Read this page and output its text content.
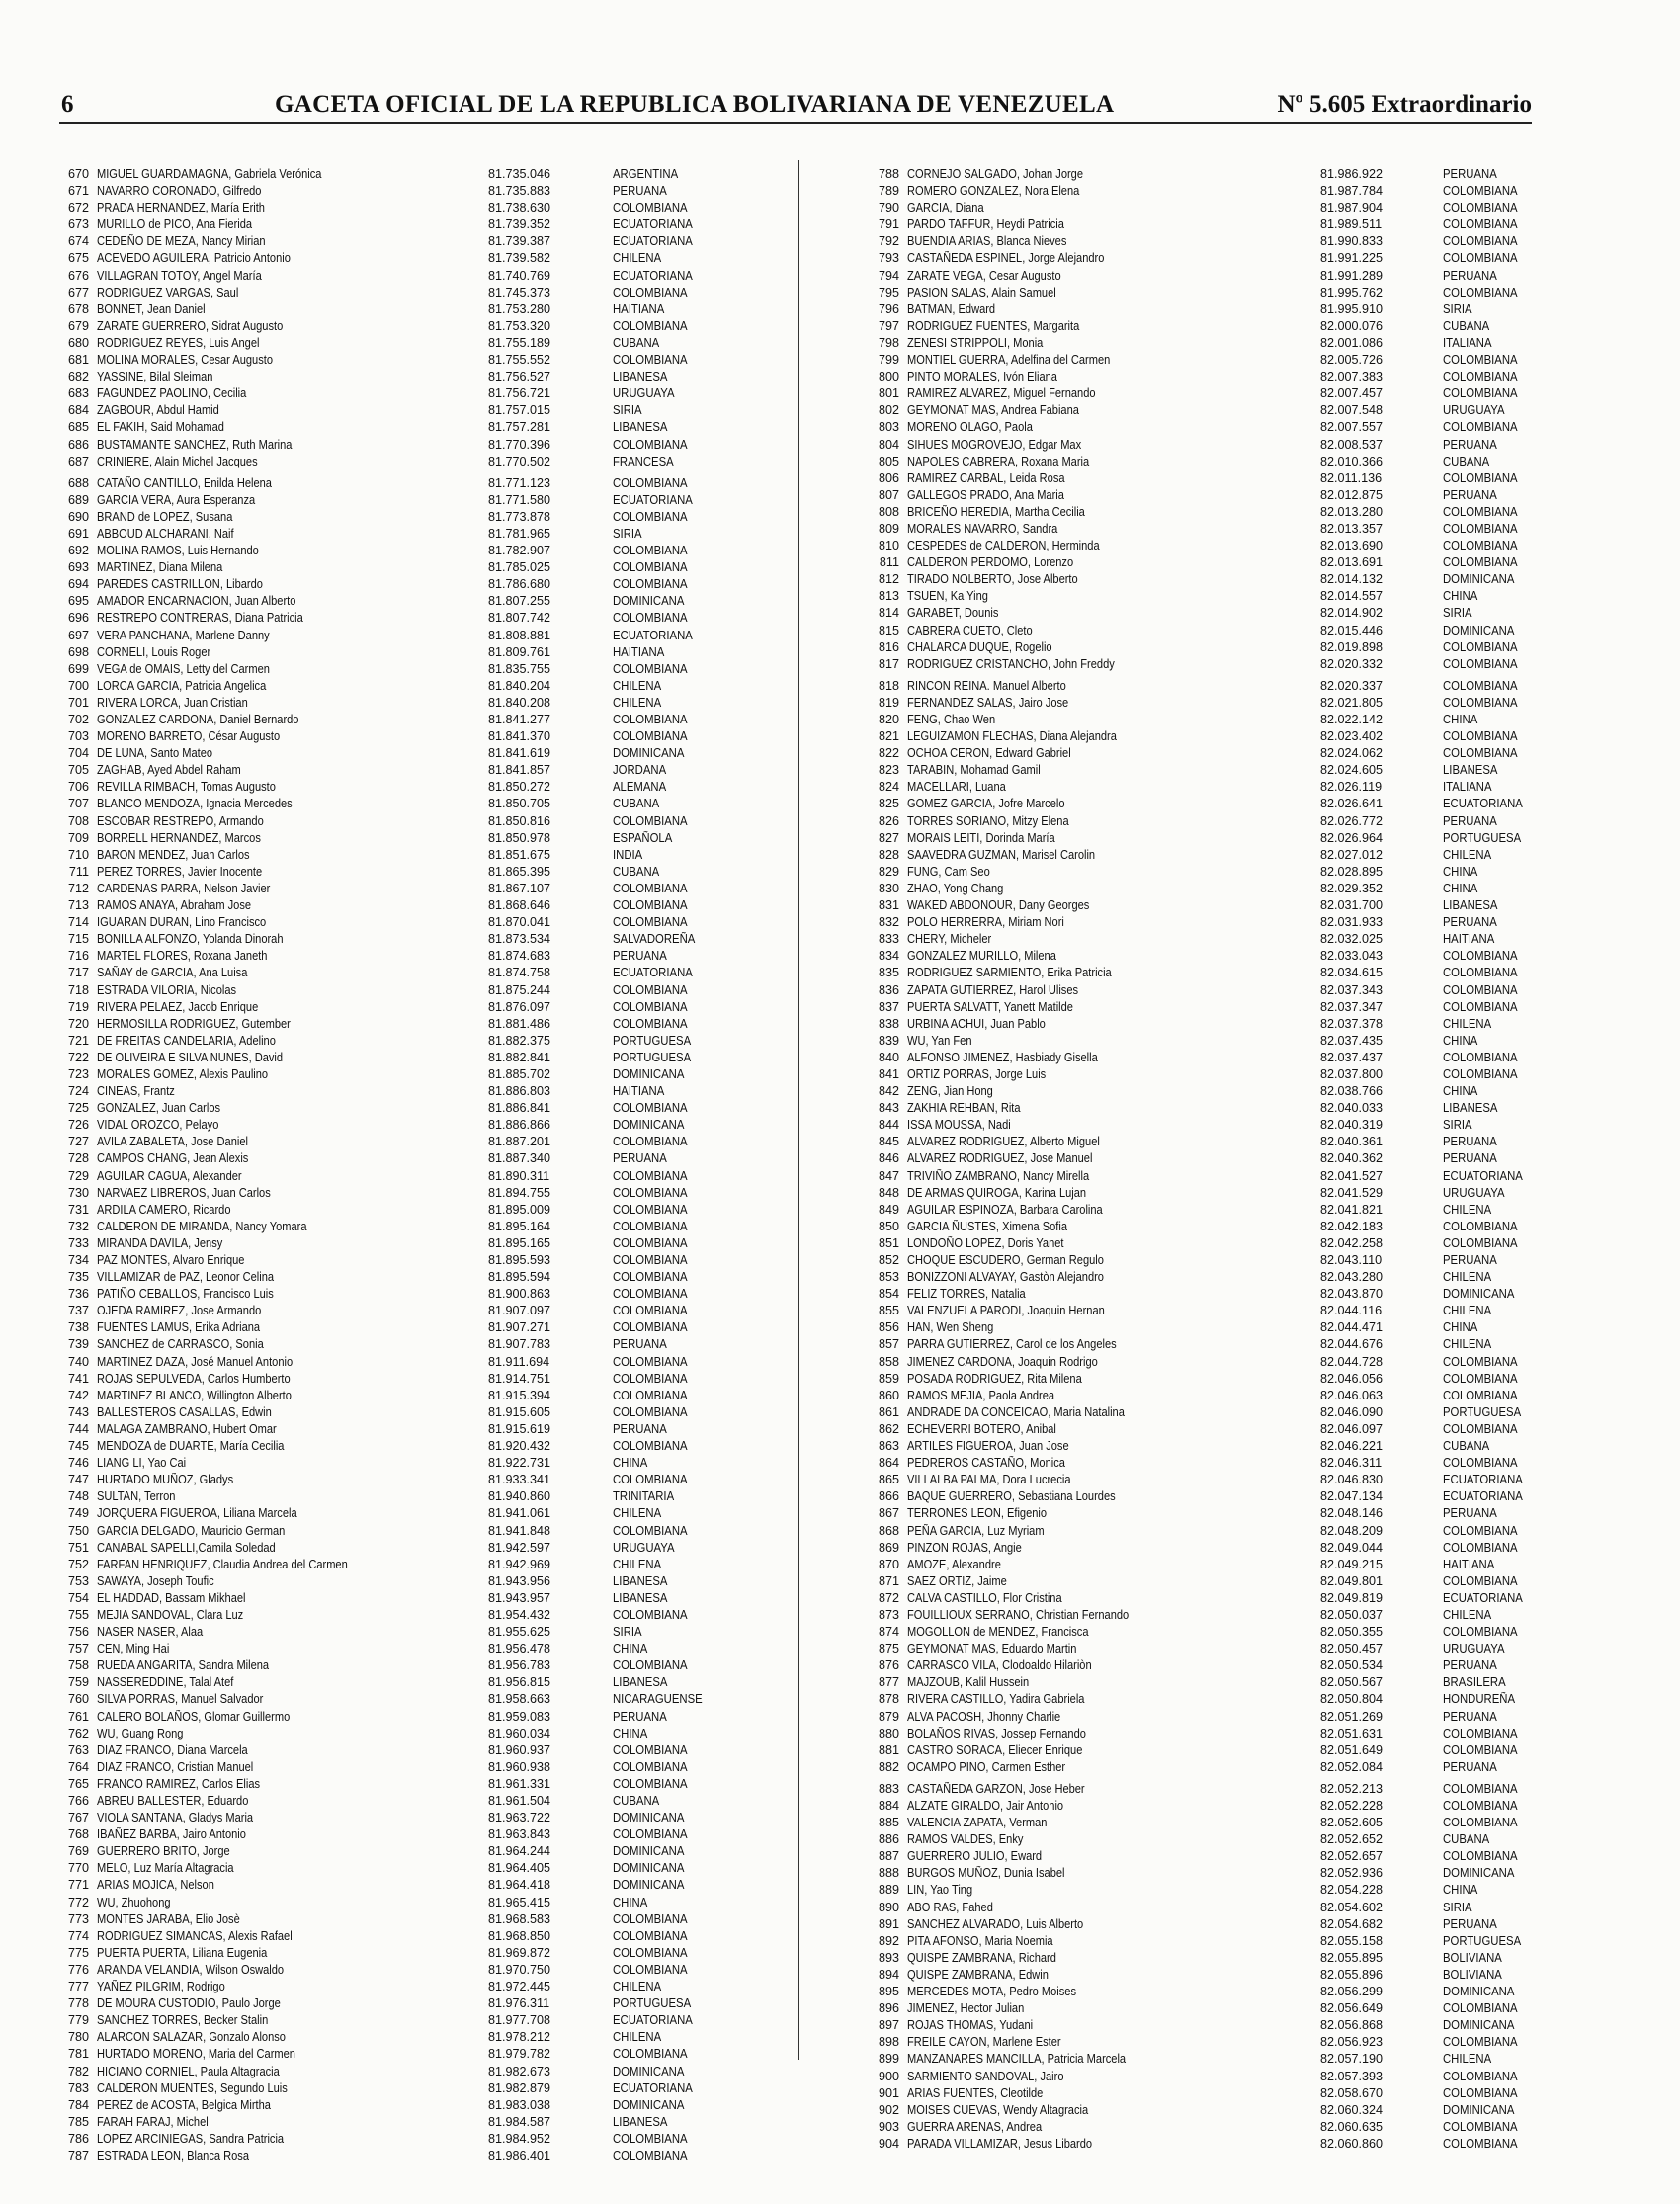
6	GACETA OFICIAL DE LA REPUBLICA BOLIVARIANA DE VENEZUELA	Nº 5.605 Extraordinario
670 MIGUEL GUARDAMAGNA, Gabriela Verónica	81.735.046	ARGENTINA
671 NAVARRO CORONADO, Gilfredo	81.735.883	PERUANA
672 PRADA HERNANDEZ, María Erith	81.738.630	COLOMBIANA
673 MURILLO de PICO, Ana Fierida	81.739.352	ECUATORIANA
674 CEDEÑO DE MEZA, Nancy Mirian	81.739.387	ECUATORIANA
675 ACEVEDO AGUILERA, Patricio Antonio	81.739.582	CHILENA
676 VILLAGRAN TOTOY, Angel María	81.740.769	ECUATORIANA
677 RODRIGUEZ VARGAS, Saul	81.745.373	COLOMBIANA
678 BONNET, Jean Daniel	81.753.280	HAITIANA
679 ZARATE GUERRERO, Sidrat Augusto	81.753.320	COLOMBIANA
680 RODRIGUEZ REYES, Luis Angel	81.755.189	CUBANA
681 MOLINA MORALES, Cesar Augusto	81.755.552	COLOMBIANA
682 YASSINE, Bilal Sleiman	81.756.527	LIBANESA
683 FAGUNDEZ PAOLINO, Cecilia	81.756.721	URUGUAYA
684 ZAGBOUR, Abdul Hamid	81.757.015	SIRIA
685 EL FAKIH, Said Mohamad	81.757.281	LIBANESA
686 BUSTAMANTE SANCHEZ, Ruth Marina	81.770.396	COLOMBIANA
687 CRINIERE, Alain Michel Jacques	81.770.502	FRANCESA
688 CATAÑO CANTILLO, Enilda Helena	81.771.123	COLOMBIANA
689 GARCIA VERA, Aura Esperanza	81.771.580	ECUATORIANA
690 BRAND de LOPEZ, Susana	81.773.878	COLOMBIANA
691 ABBOUD ALCHARANI, Naif	81.781.965	SIRIA
692 MOLINA RAMOS, Luis Hernando	81.782.907	COLOMBIANA
693 MARTINEZ, Diana Milena	81.785.025	COLOMBIANA
694 PAREDES CASTRILLON, Libardo	81.786.680	COLOMBIANA
695 AMADOR ENCARNACION, Juan Alberto	81.807.255	DOMINICANA
696 RESTREPO CONTRERAS, Diana Patricia	81.807.742	COLOMBIANA
697 VERA PANCHANA, Marlene Danny	81.808.881	ECUATORIANA
698 CORNELI, Louis Roger	81.809.761	HAITIANA
699 VEGA de OMAIS, Letty del Carmen	81.835.755	COLOMBIANA
700 LORCA GARCIA, Patricia Angelica	81.840.204	CHILENA
701 RIVERA LORCA, Juan Cristian	81.840.208	CHILENA
702 GONZALEZ CARDONA, Daniel Bernardo	81.841.277	COLOMBIANA
703 MORENO BARRETO, César Augusto	81.841.370	COLOMBIANA
704 DE LUNA, Santo Mateo	81.841.619	DOMINICANA
705 ZAGHAB, Ayed Abdel Raham	81.841.857	JORDANA
706 REVILLA RIMBACH, Tomas Augusto	81.850.272	ALEMANA
707 BLANCO MENDOZA, Ignacia Mercedes	81.850.705	CUBANA
708 ESCOBAR RESTREPO, Armando	81.850.816	COLOMBIANA
709 BORRELL HERNANDEZ, Marcos	81.850.978	ESPAÑOLA
710 BARON MENDEZ, Juan Carlos	81.851.675	INDIA
711 PEREZ TORRES, Javier Inocente	81.865.395	CUBANA
712 CARDENAS PARRA, Nelson Javier	81.867.107	COLOMBIANA
713 RAMOS ANAYA, Abraham Jose	81.868.646	COLOMBIANA
714 IGUARAN DURAN, Lino Francisco	81.870.041	COLOMBIANA
715 BONILLA ALFONZO, Yolanda Dinorah	81.873.534	SALVADOREÑA
716 MARTEL FLORES, Roxana Janeth	81.874.683	PERUANA
717 SAÑAY de GARCIA, Ana Luisa	81.874.758	ECUATORIANA
718 ESTRADA VILORIA, Nicolas	81.875.244	COLOMBIANA
719 RIVERA PELAEZ, Jacob Enrique	81.876.097	COLOMBIANA
720 HERMOSILLA RODRIGUEZ, Gutember	81.881.486	COLOMBIANA
721 DE FREITAS CANDELARIA, Adelino	81.882.375	PORTUGUESA
722 DE OLIVEIRA E SILVA NUNES, David	81.882.841	PORTUGUESA
723 MORALES GOMEZ, Alexis Paulino	81.885.702	DOMINICANA
724 CINEAS, Frantz	81.886.803	HAITIANA
725 GONZALEZ, Juan Carlos	81.886.841	COLOMBIANA
726 VIDAL OROZCO, Pelayo	81.886.866	DOMINICANA
727 AVILA ZABALETA, Jose Daniel	81.887.201	COLOMBIANA
728 CAMPOS CHANG, Jean Alexis	81.887.340	PERUANA
729 AGUILAR CAGUA, Alexander	81.890.311	COLOMBIANA
730 NARVAEZ LIBREROS, Juan Carlos	81.894.755	COLOMBIANA
731 ARDILA CAMERO, Ricardo	81.895.009	COLOMBIANA
732 CALDERON DE MIRANDA, Nancy Yomara	81.895.164	COLOMBIANA
733 MIRANDA DAVILA, Jensy	81.895.165	COLOMBIANA
734 PAZ MONTES, Alvaro Enrique	81.895.593	COLOMBIANA
735 VILLAMIZAR de PAZ, Leonor Celina	81.895.594	COLOMBIANA
736 PATIÑO CEBALLOS, Francisco Luis	81.900.863	COLOMBIANA
737 OJEDA RAMIREZ, Jose Armando	81.907.097	COLOMBIANA
738 FUENTES LAMUS, Erika Adriana	81.907.271	COLOMBIANA
739 SANCHEZ de CARRASCO, Sonia	81.907.783	PERUANA
740 MARTINEZ DAZA, José Manuel Antonio	81.911.694	COLOMBIANA
741 ROJAS SEPULVEDA, Carlos Humberto	81.914.751	COLOMBIANA
742 MARTINEZ BLANCO, Willington Alberto	81.915.394	COLOMBIANA
743 BALLESTEROS CASALLAS, Edwin	81.915.605	COLOMBIANA
744 MALAGA ZAMBRANO, Hubert Omar	81.915.619	PERUANA
745 MENDOZA de DUARTE, María Cecilia	81.920.432	COLOMBIANA
746 LIANG LI, Yao Cai	81.922.731	CHINA
747 HURTADO MUÑOZ, Gladys	81.933.341	COLOMBIANA
748 SULTAN, Terron	81.940.860	TRINITARIA
749 JORQUERA FIGUEROA, Liliana Marcela	81.941.061	CHILENA
750 GARCIA DELGADO, Mauricio German	81.941.848	COLOMBIANA
751 CANABAL SAPELLI,Camila Soledad	81.942.597	URUGUAYA
752 FARFAN HENRIQUEZ, Claudia Andrea del Carmen	81.942.969	CHILENA
753 SAWAYA, Joseph Toufic	81.943.956	LIBANESA
754 EL HADDAD, Bassam Mikhael	81.943.957	LIBANESA
755 MEJIA SANDOVAL, Clara Luz	81.954.432	COLOMBIANA
756 NASER NASER, Alaa	81.955.625	SIRIA
757 CEN, Ming Hai	81.956.478	CHINA
758 RUEDA ANGARITA, Sandra Milena	81.956.783	COLOMBIANA
759 NASSEREDDINE, Talal Atef	81.956.815	LIBANESA
760 SILVA PORRAS, Manuel Salvador	81.958.663	NICARAGUENSE
761 CALERO BOLAÑOS, Glomar Guillermo	81.959.083	PERUANA
762 WU, Guang Rong	81.960.034	CHINA
763 DIAZ FRANCO, Diana Marcela	81.960.937	COLOMBIANA
764 DIAZ FRANCO, Cristian Manuel	81.960.938	COLOMBIANA
765 FRANCO RAMIREZ, Carlos Elias	81.961.331	COLOMBIANA
766 ABREU BALLESTER, Eduardo	81.961.504	CUBANA
767 VIOLA SANTANA, Gladys Maria	81.963.722	DOMINICANA
768 IBAÑEZ BARBA, Jairo Antonio	81.963.843	COLOMBIANA
769 GUERRERO BRITO, Jorge	81.964.244	DOMINICANA
770 MELO, Luz María Altagracia	81.964.405	DOMINICANA
771 ARIAS MOJICA, Nelson	81.964.418	DOMINICANA
772 WU, Zhuohong	81.965.415	CHINA
773 MONTES JARABA, Elio Josè	81.968.583	COLOMBIANA
774 RODRIGUEZ SIMANCAS, Alexis Rafael	81.968.850	COLOMBIANA
775 PUERTA PUERTA, Liliana Eugenia	81.969.872	COLOMBIANA
776 ARANDA VELANDIA, Wilson Oswaldo	81.970.750	COLOMBIANA
777 YAÑEZ PILGRIM, Rodrigo	81.972.445	CHILENA
778 DE MOURA CUSTODIO, Paulo Jorge	81.976.311	PORTUGUESA
779 SANCHEZ TORRES, Becker Stalin	81.977.708	ECUATORIANA
780 ALARCON SALAZAR, Gonzalo Alonso	81.978.212	CHILENA
781 HURTADO MORENO, Maria del Carmen	81.979.782	COLOMBIANA
782 HICIANO CORNIEL, Paula Altagracia	81.982.673	DOMINICANA
783 CALDERON MUENTES, Segundo Luis	81.982.879	ECUATORIANA
784 PEREZ de ACOSTA, Belgica Mirtha	81.983.038	DOMINICANA
785 FARAH FARAJ, Michel	81.984.587	LIBANESA
786 LOPEZ ARCINIEGAS, Sandra Patricia	81.984.952	COLOMBIANA
787 ESTRADA LEON, Blanca Rosa	81.986.401	COLOMBIANA
788 CORNEJO SALGADO, Johan Jorge	81.986.922	PERUANA
789 ROMERO GONZALEZ, Nora Elena	81.987.784	COLOMBIANA
790 GARCIA, Diana	81.987.904	COLOMBIANA
791 PARDO TAFFUR, Heydi Patricia	81.989.511	COLOMBIANA
792 BUENDIA ARIAS, Blanca Nieves	81.990.833	COLOMBIANA
793 CASTAÑEDA ESPINEL, Jorge Alejandro	81.991.225	COLOMBIANA
794 ZARATE VEGA, Cesar Augusto	81.991.289	PERUANA
795 PASION SALAS, Alain Samuel	81.995.762	COLOMBIANA
796 BATMAN, Edward	81.995.910	SIRIA
797 RODRIGUEZ FUENTES, Margarita	82.000.076	CUBANA
798 ZENESI STRIPPOLI, Monia	82.001.086	ITALIANA
799 MONTIEL GUERRA, Adelfina del Carmen	82.005.726	COLOMBIANA
800 PINTO MORALES, Ivón Eliana	82.007.383	COLOMBIANA
801 RAMIREZ ALVAREZ, Miguel Fernando	82.007.457	COLOMBIANA
802 GEYMONAT MAS, Andrea Fabiana	82.007.548	URUGUAYA
803 MORENO OLAGO, Paola	82.007.557	COLOMBIANA
804 SIHUES MOGROVEJO, Edgar Max	82.008.537	PERUANA
805 NAPOLES CABRERA, Roxana Maria	82.010.366	CUBANA
806 RAMIREZ CARBAL, Leida Rosa	82.011.136	COLOMBIANA
807 GALLEGOS PRADO, Ana Maria	82.012.875	PERUANA
808 BRICEÑO HEREDIA, Martha Cecilia	82.013.280	COLOMBIANA
809 MORALES NAVARRO, Sandra	82.013.357	COLOMBIANA
810 CESPEDES de CALDERON, Herminda	82.013.690	COLOMBIANA
811 CALDERON PERDOMO, Lorenzo	82.013.691	COLOMBIANA
812 TIRADO NOLBERTO, Jose Alberto	82.014.132	DOMINICANA
813 TSUEN, Ka Ying	82.014.557	CHINA
814 GARABET, Dounis	82.014.902	SIRIA
815 CABRERA CUETO, Cleto	82.015.446	DOMINICANA
816 CHALARCA DUQUE, Rogelio	82.019.898	COLOMBIANA
817 RODRIGUEZ CRISTANCHO, John Freddy	82.020.332	COLOMBIANA
818 RINCON REINA. Manuel Alberto	82.020.337	COLOMBIANA
819 FERNANDEZ SALAS, Jairo Jose	82.021.805	COLOMBIANA
820 FENG, Chao Wen	82.022.142	CHINA
821 LEGUIZAMON FLECHAS, Diana Alejandra	82.023.402	COLOMBIANA
822 OCHOA CERON, Edward Gabriel	82.024.062	COLOMBIANA
823 TARABIN, Mohamad Gamil	82.024.605	LIBANESA
824 MACELLARI, Luana	82.026.119	ITALIANA
825 GOMEZ GARCIA, Jofre Marcelo	82.026.641	ECUATORIANA
826 TORRES SORIANO, Mitzy Elena	82.026.772	PERUANA
827 MORAIS LEITI, Dorinda María	82.026.964	PORTUGUESA
828 SAAVEDRA GUZMAN, Marisel Carolin	82.027.012	CHILENA
829 FUNG, Cam Seo	82.028.895	CHINA
830 ZHAO, Yong Chang	82.029.352	CHINA
831 WAKED ABDONOUR, Dany Georges	82.031.700	LIBANESA
832 POLO HERRERRA, Miriam Nori	82.031.933	PERUANA
833 CHERY, Micheler	82.032.025	HAITIANA
834 GONZALEZ MURILLO, Milena	82.033.043	COLOMBIANA
835 RODRIGUEZ SARMIENTO, Erika Patricia	82.034.615	COLOMBIANA
836 ZAPATA GUTIERREZ, Harol Ulises	82.037.343	COLOMBIANA
837 PUERTA SALVATT, Yanett Matilde	82.037.347	COLOMBIANA
838 URBINA ACHUI, Juan Pablo	82.037.378	CHILENA
839 WU, Yan Fen	82.037.435	CHINA
840 ALFONSO JIMENEZ, Hasbiady Gisella	82.037.437	COLOMBIANA
841 ORTIZ PORRAS, Jorge Luis	82.037.800	COLOMBIANA
842 ZENG, Jian Hong	82.038.766	CHINA
843 ZAKHIA REHBAN, Rita	82.040.033	LIBANESA
844 ISSA MOUSSA, Nadi	82.040.319	SIRIA
845 ALVAREZ RODRIGUEZ, Alberto Miguel	82.040.361	PERUANA
846 ALVAREZ RODRIGUEZ, Jose Manuel	82.040.362	PERUANA
847 TRIVIÑO ZAMBRANO, Nancy Mirella	82.041.527	ECUATORIANA
848 DE ARMAS QUIROGA, Karina Lujan	82.041.529	URUGUAYA
849 AGUILAR ESPINOZA, Barbara Carolina	82.041.821	CHILENA
850 GARCIA ÑUSTES, Ximena Sofia	82.042.183	COLOMBIANA
851 LONDOÑO LOPEZ, Doris Yanet	82.042.258	COLOMBIANA
852 CHOQUE ESCUDERO, German Regulo	82.043.110	PERUANA
853 BONIZZONI ALVAYAY, Gastòn Alejandro	82.043.280	CHILENA
854 FELIZ TORRES, Natalia	82.043.870	DOMINICANA
855 VALENZUELA PARODI, Joaquin Hernan	82.044.116	CHILENA
856 HAN, Wen Sheng	82.044.471	CHINA
857 PARRA GUTIERREZ, Carol de los Angeles	82.044.676	CHILENA
858 JIMENEZ CARDONA, Joaquin Rodrigo	82.044.728	COLOMBIANA
859 POSADA RODRIGUEZ, Rita Milena	82.046.056	COLOMBIANA
860 RAMOS MEJIA, Paola Andrea	82.046.063	COLOMBIANA
861 ANDRADE DA CONCEICAO, Maria Natalina	82.046.090	PORTUGUESA
862 ECHEVERRI BOTERO, Anibal	82.046.097	COLOMBIANA
863 ARTILES FIGUEROA, Juan Jose	82.046.221	CUBANA
864 PEDREROS CASTAÑO, Monica	82.046.311	COLOMBIANA
865 VILLALBA PALMA, Dora Lucrecia	82.046.830	ECUATORIANA
866 BAQUE GUERRERO, Sebastiana Lourdes	82.047.134	ECUATORIANA
867 TERRONES LEON, Efigenio	82.048.146	PERUANA
868 PEÑA GARCIA, Luz Myriam	82.048.209	COLOMBIANA
869 PINZON ROJAS, Angie	82.049.044	COLOMBIANA
870 AMOZE, Alexandre	82.049.215	HAITIANA
871 SAEZ ORTIZ, Jaime	82.049.801	COLOMBIANA
872 CALVA CASTILLO, Flor Cristina	82.049.819	ECUATORIANA
873 FOUILLIOUX SERRANO, Christian Fernando	82.050.037	CHILENA
874 MOGOLLON de MENDEZ, Francisca	82.050.355	COLOMBIANA
875 GEYMONAT MAS, Eduardo Martin	82.050.457	URUGUAYA
876 CARRASCO VILA, Clodoaldo Hilariòn	82.050.534	PERUANA
877 MAJZOUB, Kalil Hussein	82.050.567	BRASILERA
878 RIVERA CASTILLO, Yadira Gabriela	82.050.804	HONDUREÑA
879 ALVA PACOSH, Jhonny Charlie	82.051.269	PERUANA
880 BOLAÑOS RIVAS, Jossep Fernando	82.051.631	COLOMBIANA
881 CASTRO SORACA, Eliecer Enrique	82.051.649	COLOMBIANA
882 OCAMPO PINO, Carmen Esther	82.052.084	PERUANA
883 CASTAÑEDA GARZON, Jose Heber	82.052.213	COLOMBIANA
884 ALZATE GIRALDO, Jair Antonio	82.052.228	COLOMBIANA
885 VALENCIA ZAPATA, Verman	82.052.605	COLOMBIANA
886 RAMOS VALDES, Enky	82.052.652	CUBANA
887 GUERRERO JULIO, Eward	82.052.657	COLOMBIANA
888 BURGOS MUÑOZ, Dunia Isabel	82.052.936	DOMINICANA
889 LIN, Yao Ting	82.054.228	CHINA
890 ABO RAS, Fahed	82.054.602	SIRIA
891 SANCHEZ ALVARADO, Luis Alberto	82.054.682	PERUANA
892 PITA AFONSO, Maria Noemia	82.055.158	PORTUGUESA
893 QUISPE ZAMBRANA, Richard	82.055.895	BOLIVIANA
894 QUISPE ZAMBRANA, Edwin	82.055.896	BOLIVIANA
895 MERCEDES MOTA, Pedro Moises	82.056.299	DOMINICANA
896 JIMENEZ, Hector Julian	82.056.649	COLOMBIANA
897 ROJAS THOMAS, Yudani	82.056.868	DOMINICANA
898 FREILE CAYON, Marlene Ester	82.056.923	COLOMBIANA
899 MANZANARES MANCILLA, Patricia Marcela	82.057.190	CHILENA
900 SARMIENTO SANDOVAL, Jairo	82.057.393	COLOMBIANA
901 ARIAS FUENTES, Cleotilde	82.058.670	COLOMBIANA
902 MOISES CUEVAS, Wendy Altagracia	82.060.324	DOMINICANA
903 GUERRA ARENAS, Andrea	82.060.635	COLOMBIANA
904 PARADA VILLAMIZAR, Jesus Libardo	82.060.860	COLOMBIANA
